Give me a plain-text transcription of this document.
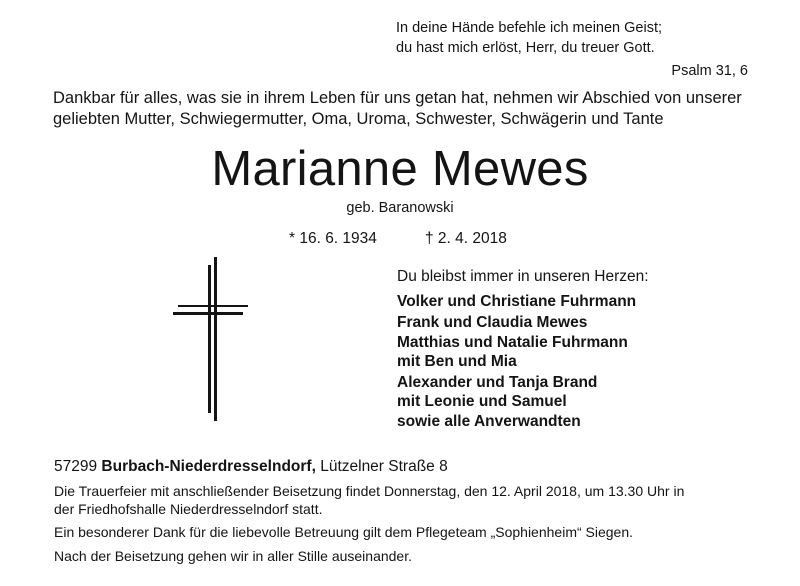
In deine Hände befehle ich meinen Geist;
du hast mich erlöst, Herr, du treuer Gott.
Psalm 31, 6
Dankbar für alles, was sie in ihrem Leben für uns getan hat, nehmen wir Abschied von unserer
geliebten Mutter, Schwiegermutter, Oma, Uroma, Schwester, Schwägerin und Tante
Marianne Mewes
geb. Baranowski
* 16. 6. 1934	† 2. 4. 2018
Du bleibst immer in unseren Herzen:
Volker und Christiane Fuhrmann
Frank und Claudia Mewes
Matthias und Natalie Fuhrmann
mit Ben und Mia
Alexander und Tanja Brand
mit Leonie und Samuel
sowie alle Anverwandten
57299 Burbach-Niederdresselndorf, Lützelner Straße 8

Die Trauerfeier mit anschließender Beisetzung findet Donnerstag, den 12. April 2018, um 13.30 Uhr in
der Friedhofshalle Niederdresselndorf statt.

Ein besonderer Dank für die liebevolle Betreuung gilt dem Pflegeteam „Sophienheim“ Siegen.

Nach der Beisetzung gehen wir in aller Stille auseinander.
